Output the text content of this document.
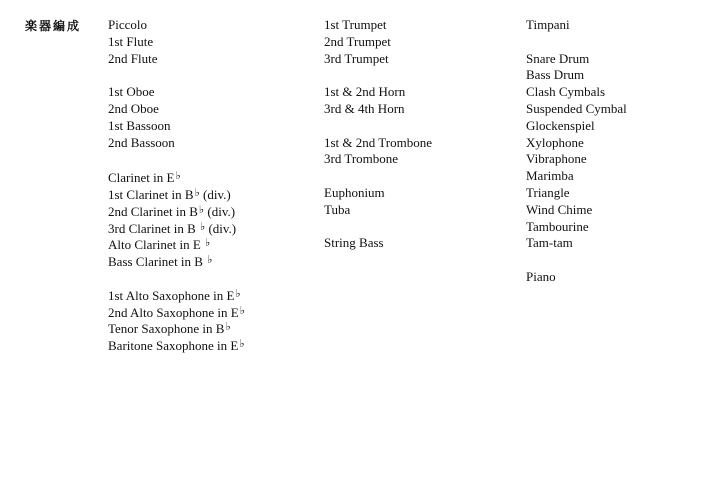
楽器編成 Piccolo
1st Flute
2nd Flute
1st Oboe
2nd Oboe
1st Bassoon
2nd Bassoon
Clarinet in E♭
1st Clarinet in B♭ (div.)
2nd Clarinet in B♭ (div.)
3rd Clarinet in B ♭ (div.)
Alto Clarinet in E ♭
Bass Clarinet in B ♭
1st Alto Saxophone in E♭
2nd Alto Saxophone in E♭
Tenor Saxophone in B♭
Baritone Saxophone in E♭
1st Trumpet
2nd Trumpet
3rd Trumpet
1st & 2nd Horn
3rd & 4th Horn
1st & 2nd Trombone
3rd Trombone
Euphonium
Tuba
String Bass
Timpani
Snare Drum
Bass Drum
Clash Cymbals
Suspended Cymbal
Glockenspiel
Xylophone
Vibraphone
Marimba
Triangle
Wind Chime
Tambourine
Tam-tam
Piano
